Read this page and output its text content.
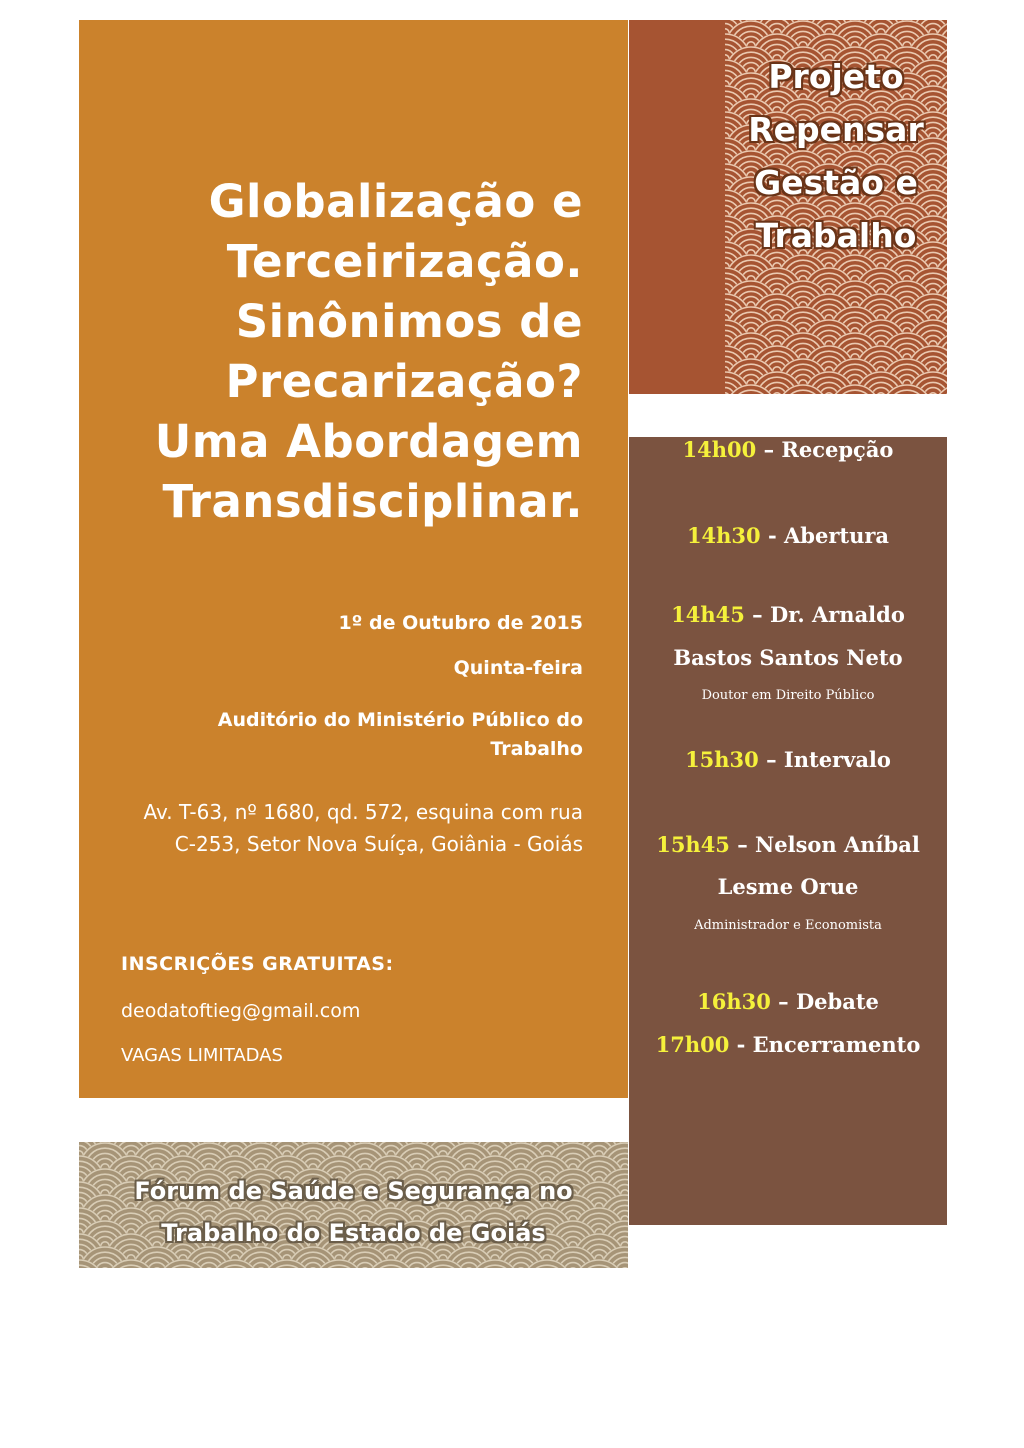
Globalização e
Terceirização.
Sinônimos de
Precarização?
Uma Abordagem
Transdisciplinar.

1º de Outubro de 2015

Quinta-feira

Auditório do Ministério Público do Trabalho

Av. T-63, nº 1680, qd. 572, esquina com rua C-253, Setor Nova Suíça, Goiânia - Goiás

INSCRIÇÕES GRATUITAS:

deodatoftieg@gmail.com

VAGAS LIMITADAS

Projeto
Repensar
Gestão e
Trabalho

14h00 – Recepção

14h30 - Abertura

14h45 – Dr. Arnaldo

Bastos Santos Neto

Doutor em Direito Público

15h30 – Intervalo

15h45 – Nelson Aníbal

Lesme Orue

Administrador e Economista

16h30 – Debate

17h00 - Encerramento

Fórum de Saúde e Segurança no
Trabalho do Estado de Goiás
